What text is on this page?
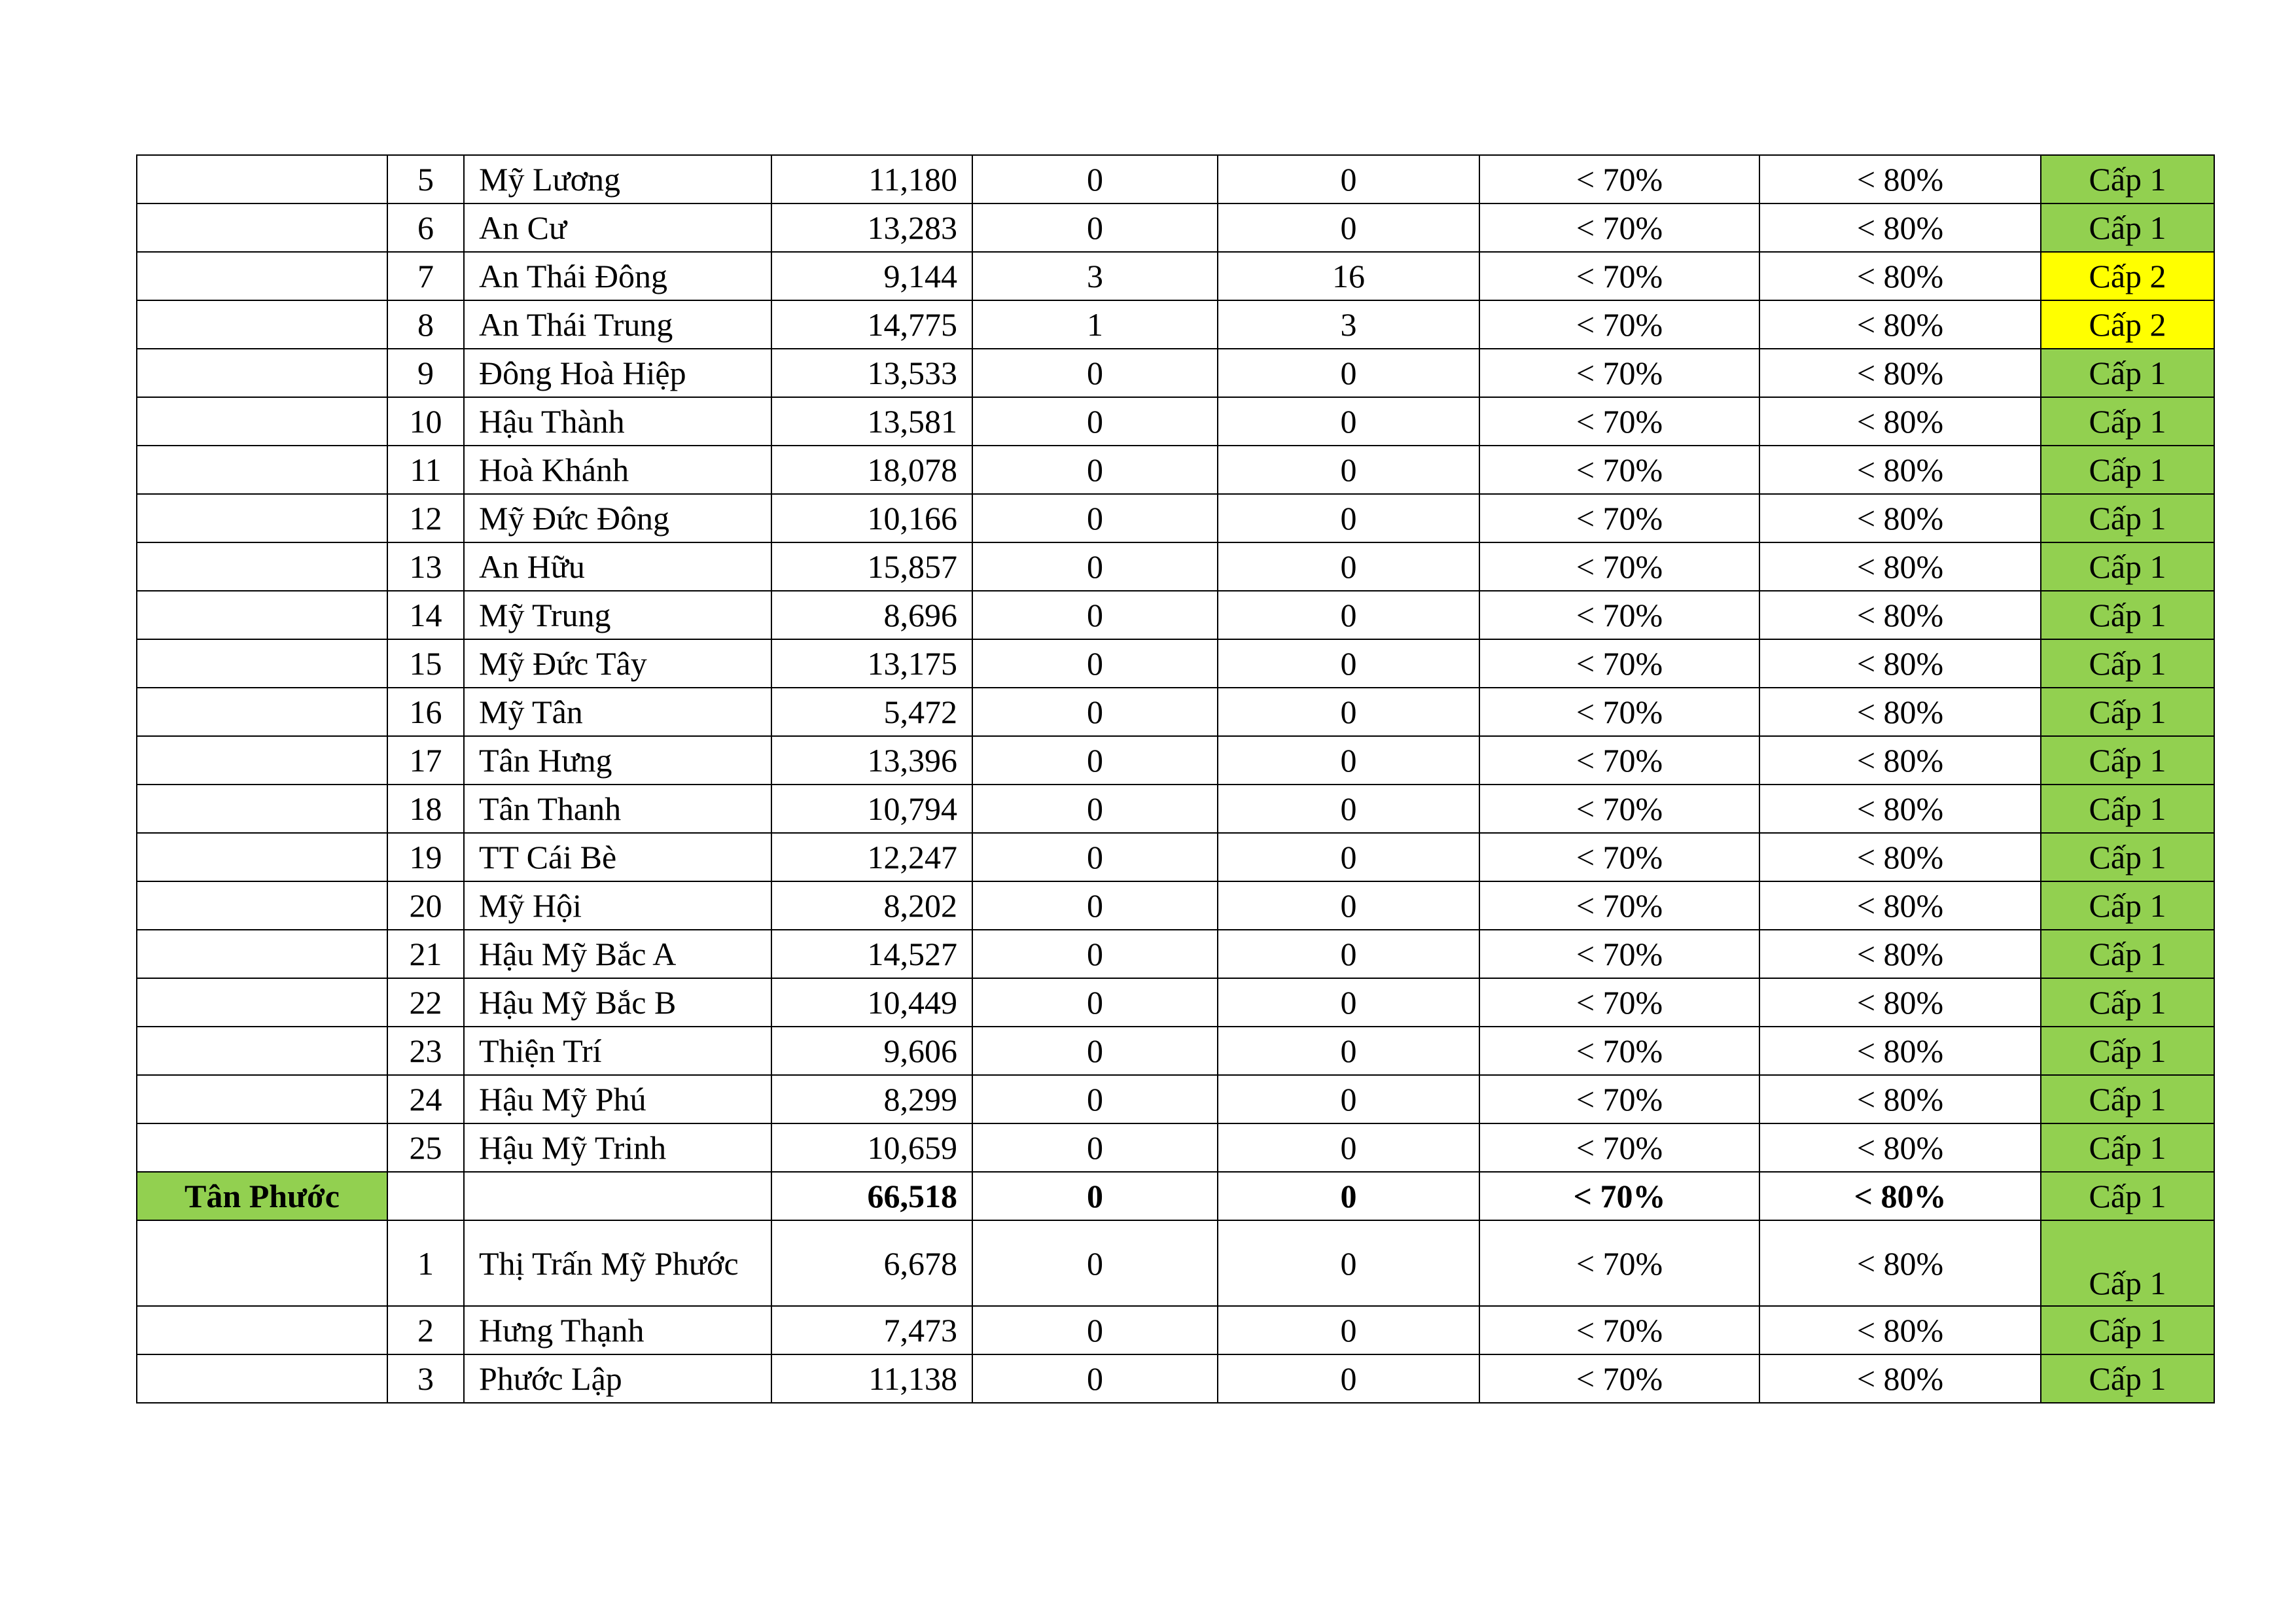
	5	Mỹ Lương	11,180	0	0	< 70%	< 80%	Cấp 1
	6	An Cư	13,283	0	0	< 70%	< 80%	Cấp 1
	7	An Thái Đông	9,144	3	16	< 70%	< 80%	Cấp 2
	8	An Thái Trung	14,775	1	3	< 70%	< 80%	Cấp 2
	9	Đông Hoà Hiệp	13,533	0	0	< 70%	< 80%	Cấp 1
	10	Hậu Thành	13,581	0	0	< 70%	< 80%	Cấp 1
	11	Hoà Khánh	18,078	0	0	< 70%	< 80%	Cấp 1
	12	Mỹ Đức Đông	10,166	0	0	< 70%	< 80%	Cấp 1
	13	An Hữu	15,857	0	0	< 70%	< 80%	Cấp 1
	14	Mỹ Trung	8,696	0	0	< 70%	< 80%	Cấp 1
	15	Mỹ Đức Tây	13,175	0	0	< 70%	< 80%	Cấp 1
	16	Mỹ Tân	5,472	0	0	< 70%	< 80%	Cấp 1
	17	Tân Hưng	13,396	0	0	< 70%	< 80%	Cấp 1
	18	Tân Thanh	10,794	0	0	< 70%	< 80%	Cấp 1
	19	TT Cái Bè	12,247	0	0	< 70%	< 80%	Cấp 1
	20	Mỹ Hội	8,202	0	0	< 70%	< 80%	Cấp 1
	21	Hậu Mỹ Bắc A	14,527	0	0	< 70%	< 80%	Cấp 1
	22	Hậu Mỹ Bắc B	10,449	0	0	< 70%	< 80%	Cấp 1
	23	Thiện Trí	9,606	0	0	< 70%	< 80%	Cấp 1
	24	Hậu Mỹ Phú	8,299	0	0	< 70%	< 80%	Cấp 1
	25	Hậu Mỹ Trinh	10,659	0	0	< 70%	< 80%	Cấp 1
Tân Phước			66,518	0	0	< 70%	< 80%	Cấp 1
	1	Thị Trấn Mỹ Phước	6,678	0	0	< 70%	< 80%	Cấp 1
	2	Hưng Thạnh	7,473	0	0	< 70%	< 80%	Cấp 1
	3	Phước Lập	11,138	0	0	< 70%	< 80%	Cấp 1
